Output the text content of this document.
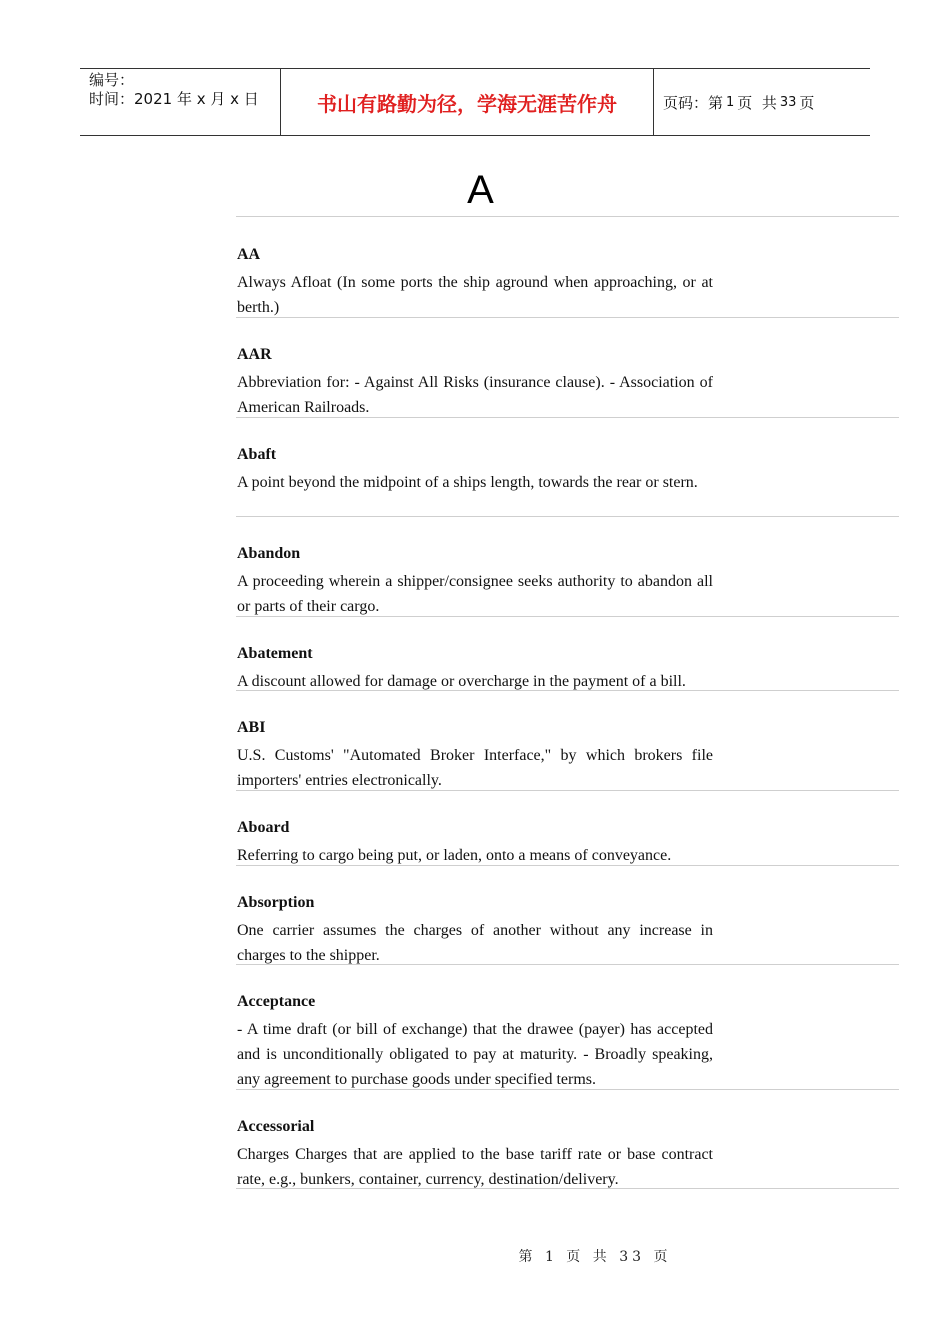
编号：
时间：2021 年 x 月 x 日	书山有路勤为径，学海无涯苦作舟	页码：第 1 页  共 33 页
A
AA

Always Afloat (In some ports the ship aground when approaching, or at berth.)

AAR

Abbreviation for: - Against All Risks (insurance clause). - Association of American Railroads.

Abaft

A point beyond the midpoint of a ships length, towards the rear or stern.

Abandon

A proceeding wherein a shipper/consignee seeks authority to abandon all or parts of their cargo.

Abatement

A discount allowed for damage or overcharge in the payment of a bill.

ABI

U.S. Customs' "Automated Broker Interface," by which brokers file importers' entries electronically.

Aboard

Referring to cargo being put, or laden, onto a means of conveyance.

Absorption

One carrier assumes the charges of another without any increase in charges to the shipper.

Acceptance

- A time draft (or bill of exchange) that the drawee (payer) has accepted and is unconditionally obligated to pay at maturity. - Broadly speaking, any agreement to purchase goods under specified terms.

Accessorial

Charges Charges that are applied to the base tariff rate or base contract rate, e.g., bunkers, container, currency, destination/delivery.

第 1 页 共 33 页
